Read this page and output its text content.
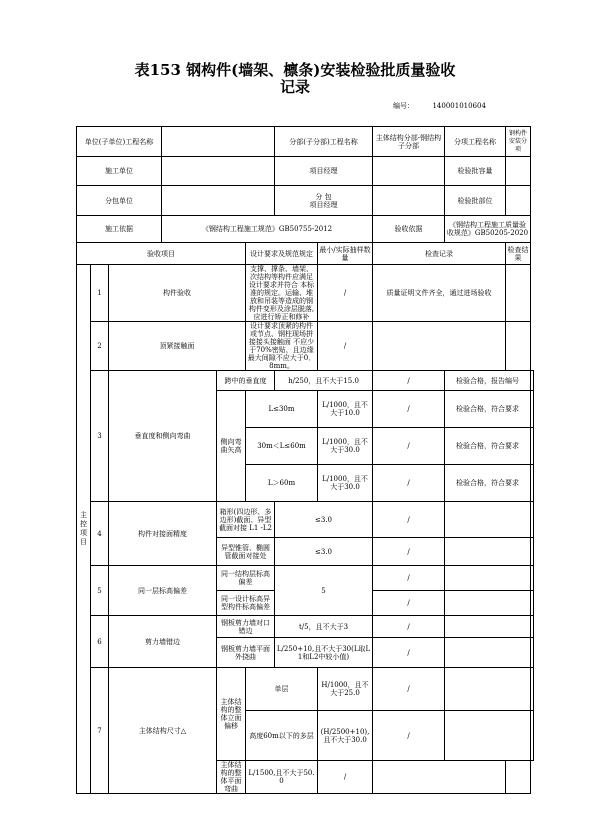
表153 钢构件(墙架、檩条)安装检验批质量验收
记录
编号：	140001010604
单位(子单位)工程名称						分部(子分部)工程名称		主体结构分部-钢结构子分部	分项工程名称	钢构件安装分项	
施工单位						项目经理			检验批容量		
分包单位						分 包
项目经理			检验批部位		
施工依据			《钢结构工程施工规范》GB50755-2012					验收依据	《钢结构工程施工质量验收规范》GB50205-2020		
验收项目					设计要求及规范规定		最小/实际抽样数量	检查记录		检查结果	
主控项目	1	构件验收			支撑、撑条、墙架、次结构等构件应满足设计要求并符合 本标准的规定。运输、堆放和吊装等造成的钢构件变形及涂层脱落,应进行矫正和修补		/	质量证明文件齐全，通过进场验收			
	2	顶紧接触面			设计要求顶紧的构件或节点、钢柱现场拼接接头接触面 不应少于70%密贴，且边缘最大间隙不应大于0．8mm。		/				
	3	垂直度和侧向弯曲		跨中的垂直度		h/250，且不大于15.0		/	检验合格，报告编号		
				侧向弯曲矢高	L≤30m		L/1000，且不大于10.0	/	检验合格，符合要求		
					30m＜L≤60m		L/1000，且不大于30.0	/	检验合格，符合要求		
					L＞60m		L/1000，且不大于30.0	/	检验合格，符合要求		
	4	构件对接面精度		箱形(四边形、多边形)截面、异型截面对接 L1 -L2		≤3.0		/			
				异型锥管、椭圆管截面对接处		≤3.0		/			
	5	同一层标高偏差		同一结构层标高偏差		5		/			
				同一设计标高异型构件标高偏差				/			
	6	剪力墙错边		钢板剪力墙对口错边		t/5，且不大于3		/			
				钢板剪力墙平面外挠曲		L/250+10,且不大于30(L取L1和L2中较小值)		/			
	7	主体结构尺寸△		主体结构的整体立面偏移	单层		H/1000，且不大于25.0	/			
					高度60m以下的多层		(H/2500+10),且不大于30.0	/			
				主体结构的整体平面弯曲	L/1500,且不大于50.0		/				
